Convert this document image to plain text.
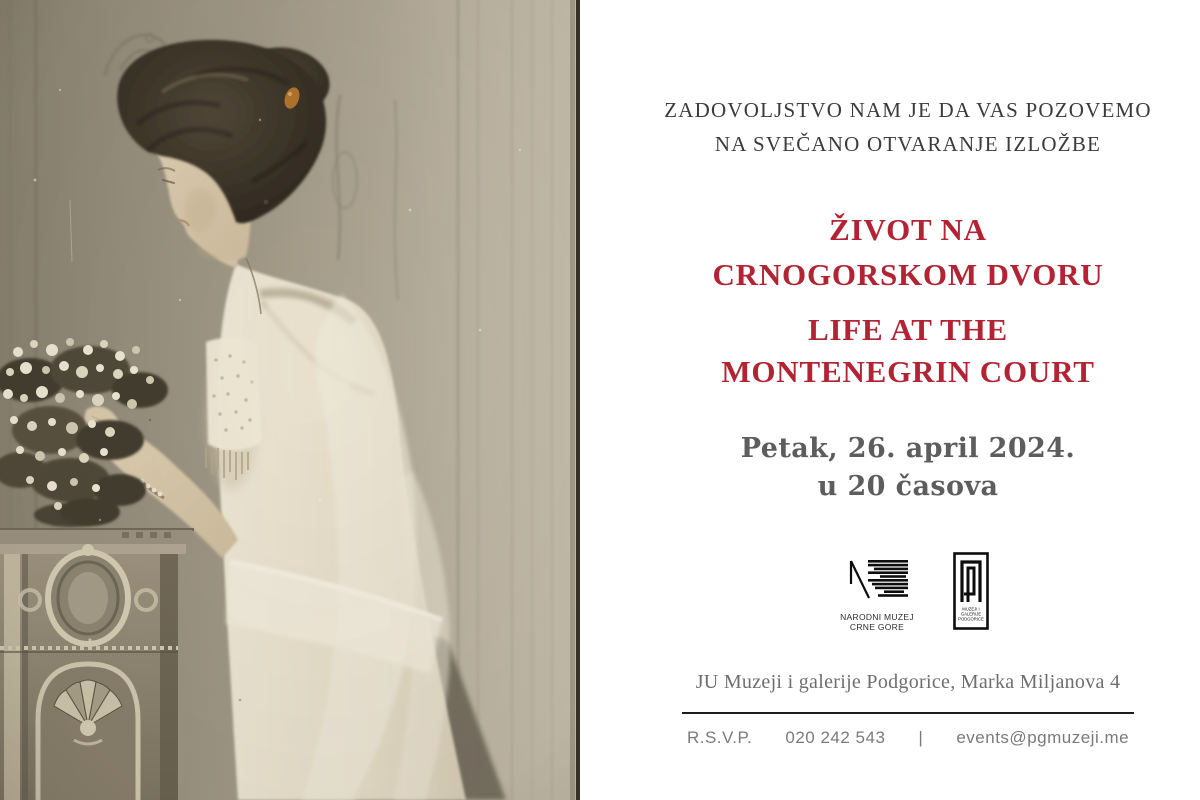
ZADOVOLJSTVO NAM JE DA VAS POZOVEMO
NA SVEČANO OTVARANJE IZLOŽBE
ŽIVOT NA
CRNOGORSKOM DVORU
LIFE AT THE
MONTENEGRIN COURT
Petak, 26. april 2024.
u 20 časova
NARODNI MUZEJ
CRNE GORE
MUZEJI I
GALERIJE
PODGORICE
JU Muzeji i galerije Podgorice, Marka Miljanova 4
R.S.V.P. 020 242 543 | events@pgmuzeji.me
